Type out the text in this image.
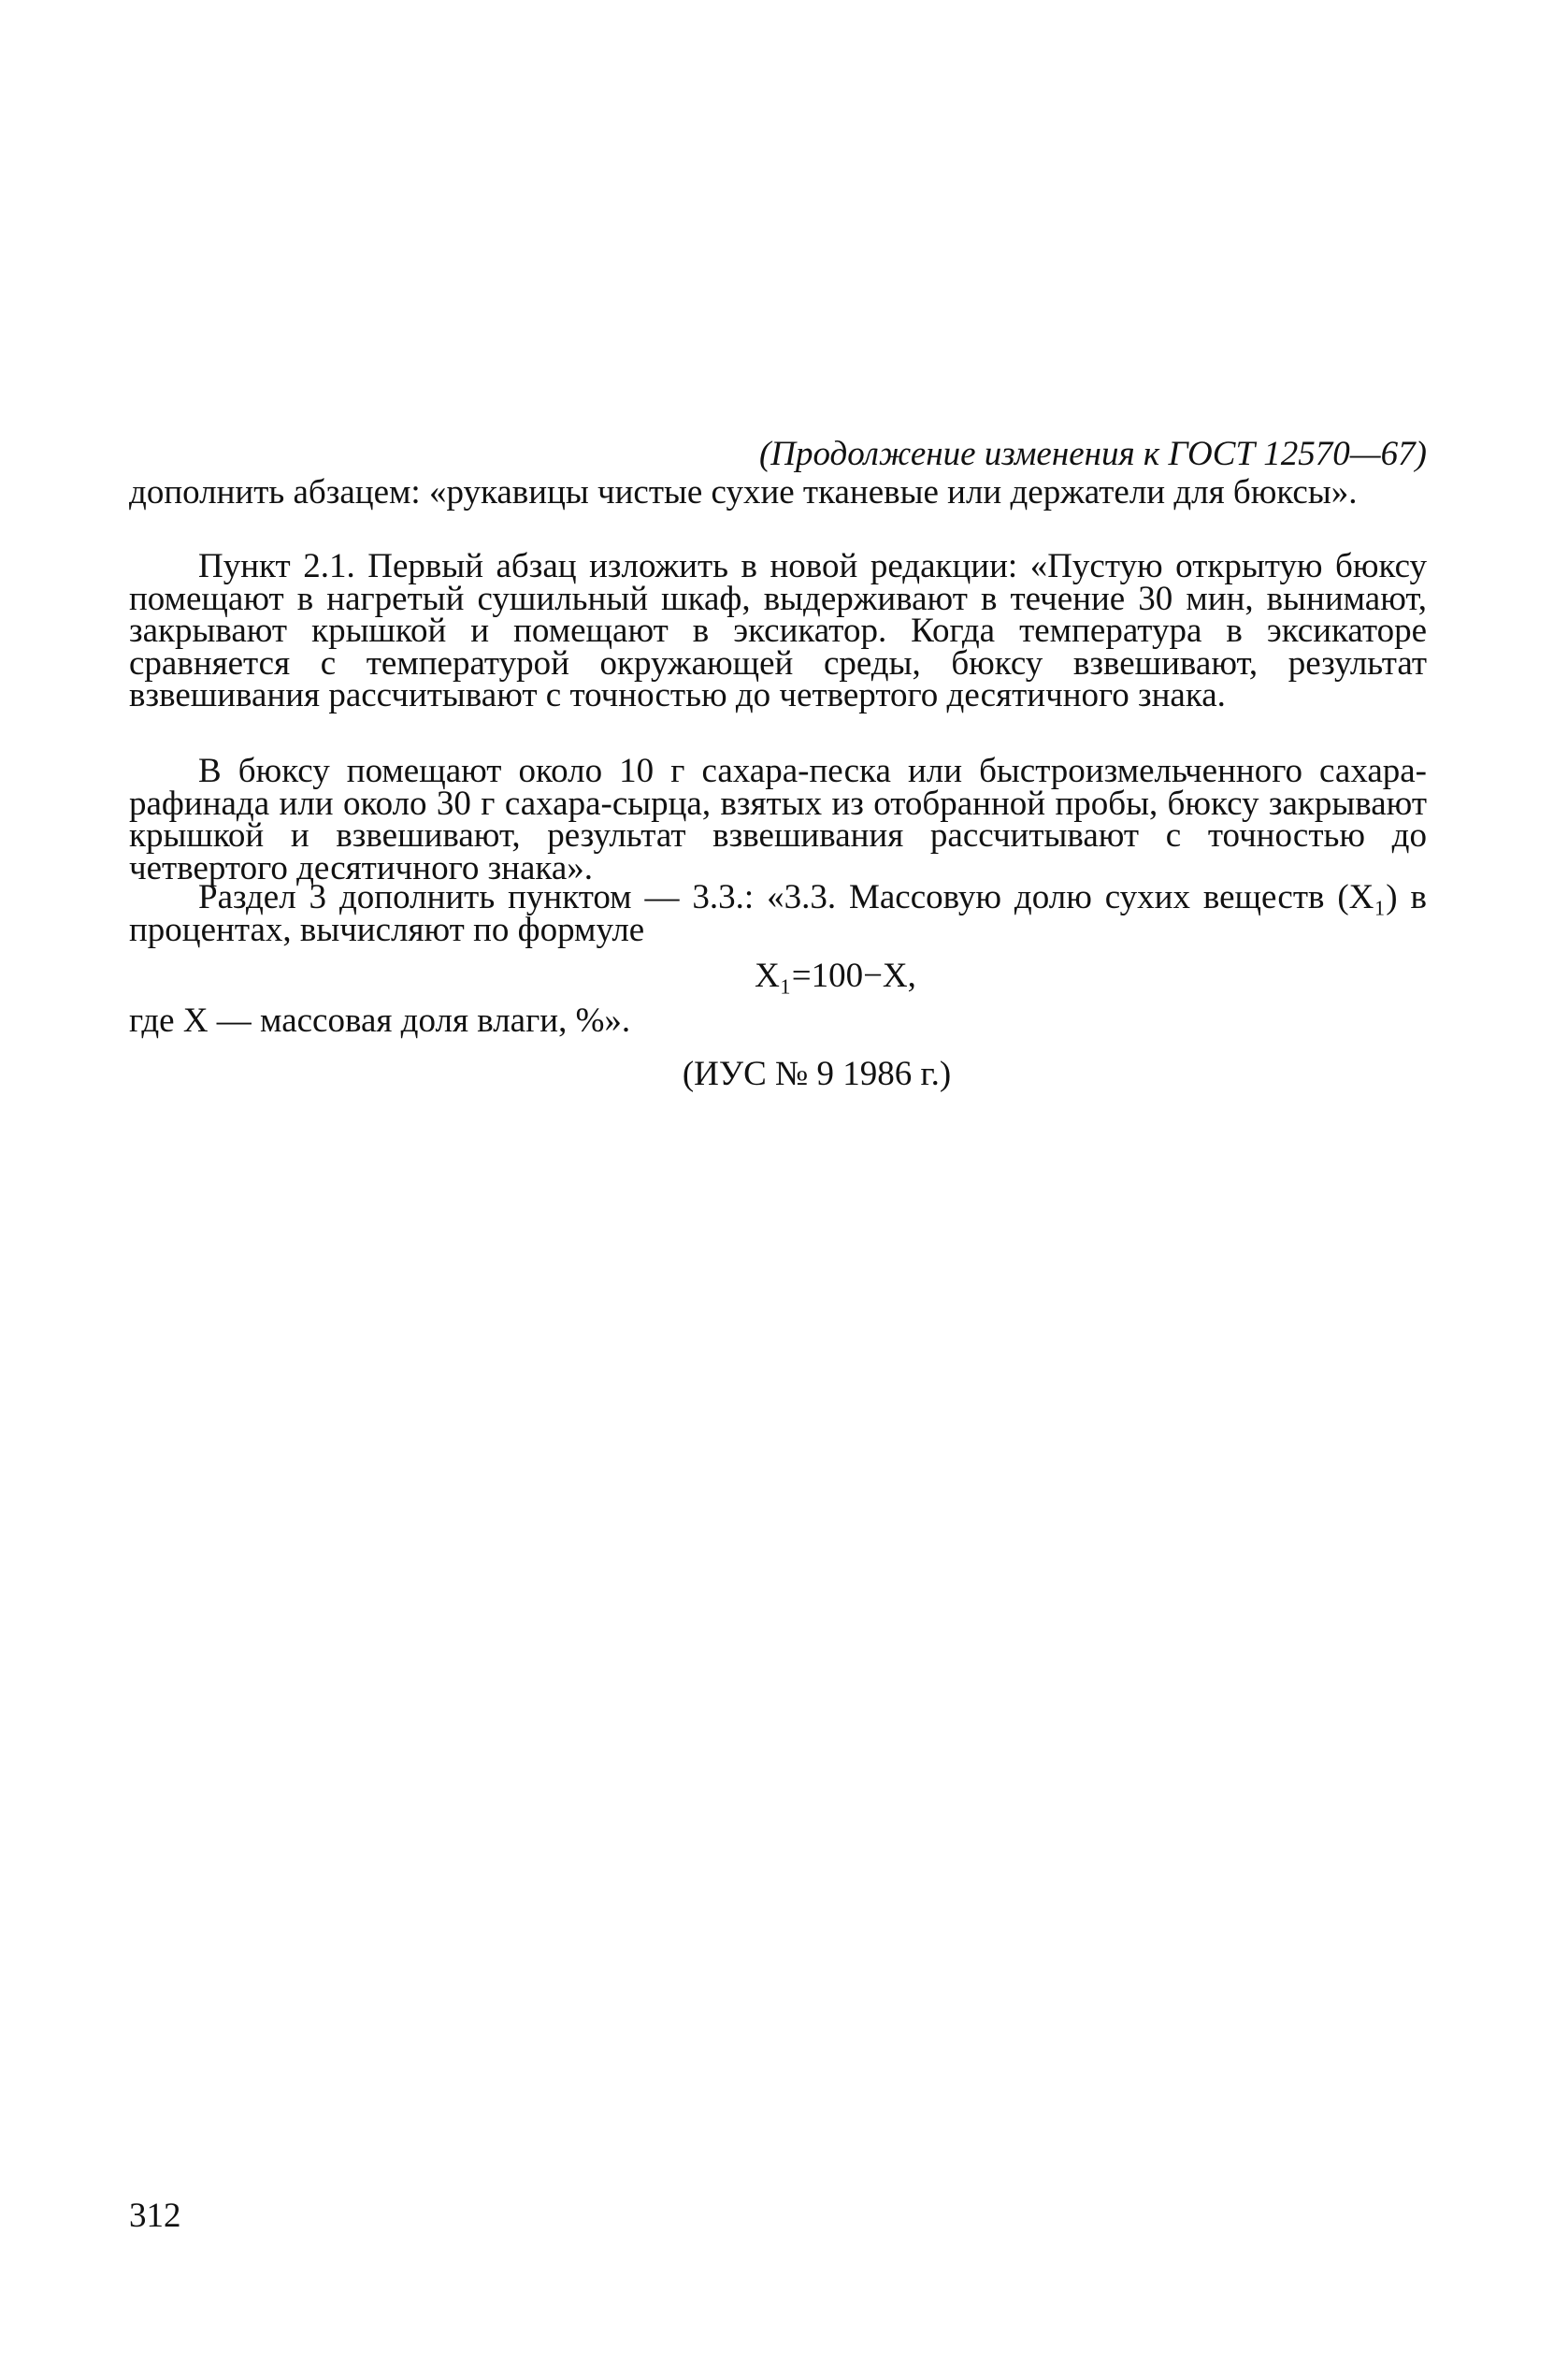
(Продолжение изменения к ГОСТ 12570—67)

дополнить абзацем: «рукавицы чистые сухие тканевые или держатели для бюксы».

Пункт 2.1. Первый абзац изложить в новой редакции: «Пустую открытую бюксу помещают в нагретый сушильный шкаф, выдерживают в течение 30 мин, вынимают, закрывают крышкой и помещают в эксикатор. Когда температура в эксикаторе сравняется с температурой окружающей среды, бюксу взвешивают, результат взвешивания рассчитывают с точностью до четвертого десятичного знака.

В бюксу помещают около 10 г сахара-песка или быстроизмельченного сахара-рафинада или около 30 г сахара-сырца, взятых из отобранной пробы, бюксу закрывают крышкой и взвешивают, результат взвешивания рассчитывают с точностью до четвертого десятичного знака».

Раздел 3 дополнить пунктом — 3.3.: «3.3. Массовую долю сухих веществ (X₁) в процентах, вычисляют по формуле

X₁=100−X,

где X — массовая доля влаги, %».

(ИУС № 9 1986 г.)
312
